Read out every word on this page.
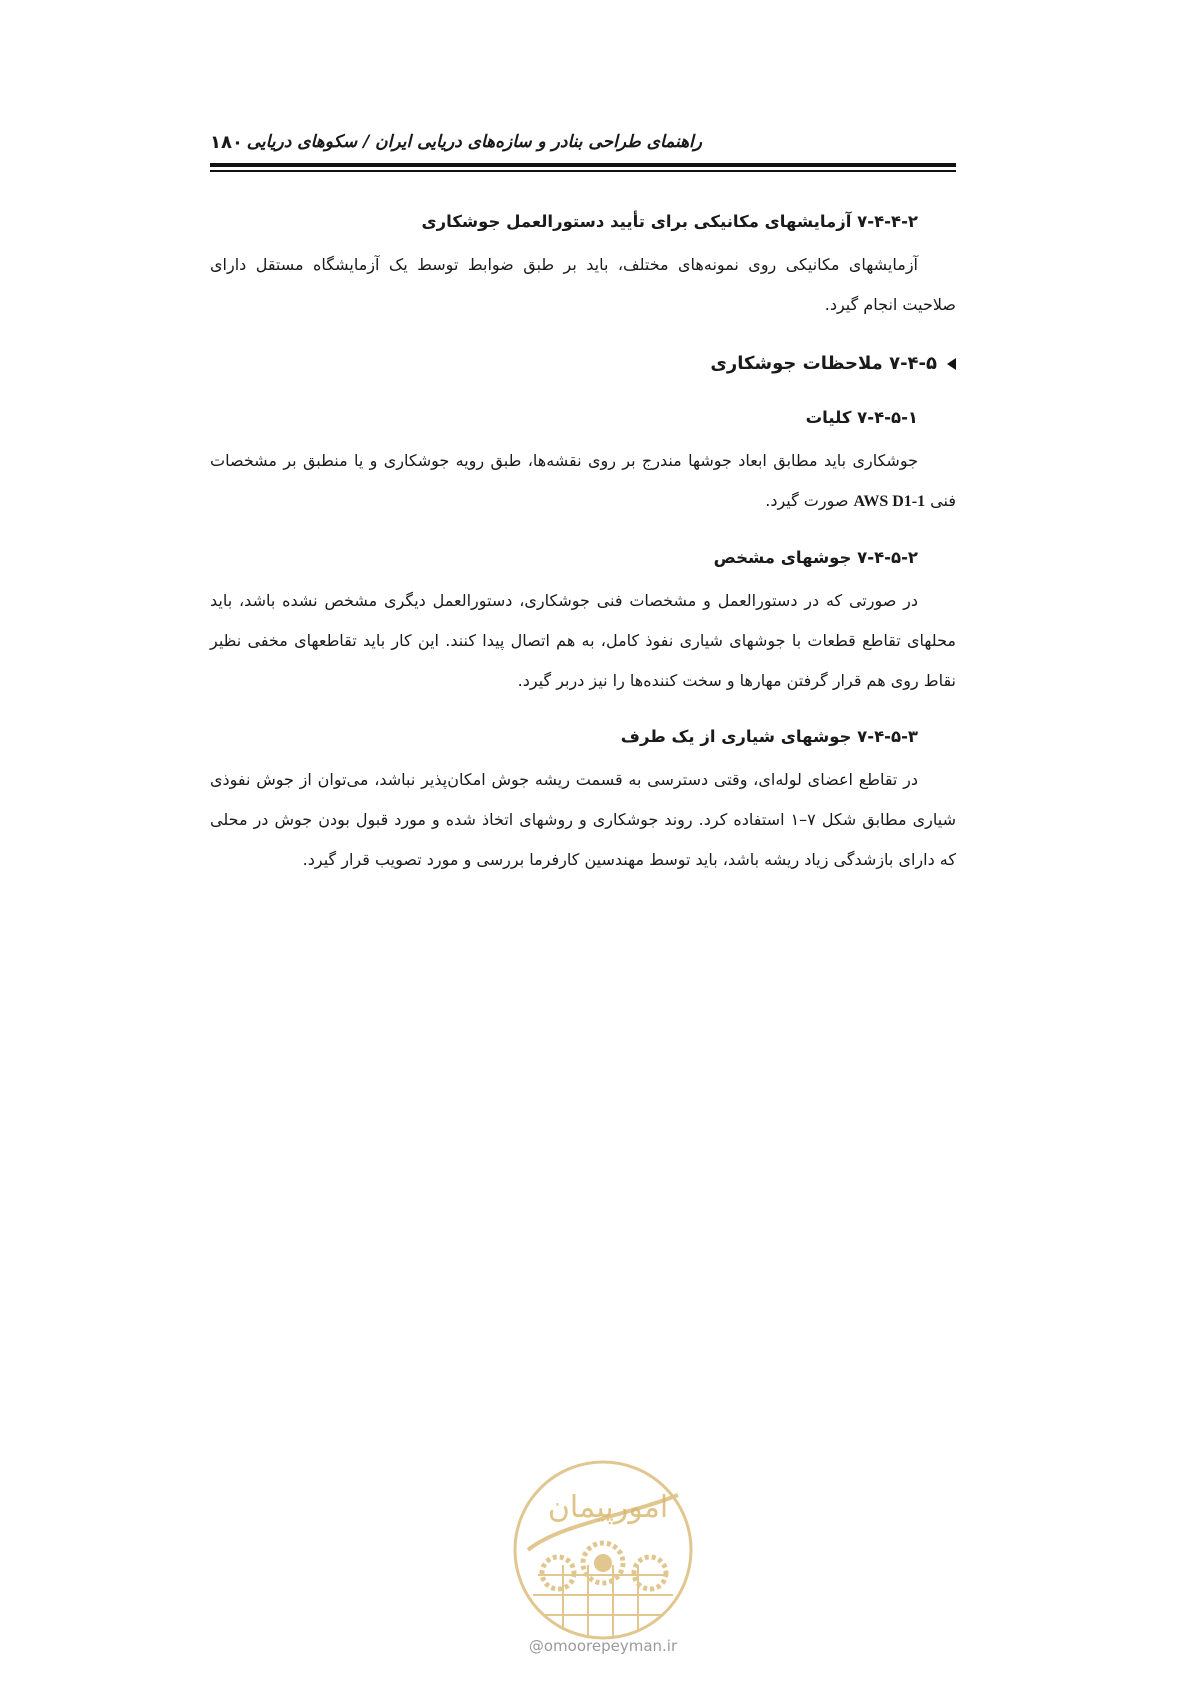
راهنمای طراحی بنادر و سازه‌های دریایی ایران / سکوهای دریایی
۱۸۰
۷-۴-۴-۲ آزمایشهای مکانیکی برای تأیید دستورالعمل جوشکاری

آزمایشهای مکانیکی روی نمونه‌های مختلف، باید بر طبق ضوابط توسط یک آزمایشگاه مستقل دارای صلاحیت انجام گیرد.

۷-۴-۵ ملاحظات جوشکاری
۷-۴-۵-۱ کلیات

جوشکاری باید مطابق ابعاد جوشها مندرج بر روی نقشه‌ها، طبق رویه جوشکاری و یا منطبق بر مشخصات فنی AWS D1-1 صورت گیرد.

۷-۴-۵-۲ جوشهای مشخص

در صورتی که در دستورالعمل و مشخصات فنی جوشکاری، دستورالعمل دیگری مشخص نشده باشد، باید محلهای تقاطع قطعات با جوشهای شیاری نفوذ کامل، به هم اتصال پیدا کنند. این کار باید تقاطعهای مخفی نظیر نقاط روی هم قرار گرفتن مهارها و سخت کننده‌ها را نیز دربر گیرد.

۷-۴-۵-۳ جوشهای شیاری از یک طرف

در تقاطع اعضای لوله‌ای، وقتی دسترسی به قسمت ریشه جوش امکان‌پذیر نباشد، می‌توان از جوش نفوذی شیاری مطابق شکل ۷–۱ استفاده کرد. روند جوشکاری و روشهای اتخاذ شده و مورد قبول بودن جوش در محلی که دارای بازشدگی زیاد ریشه باشد، باید توسط مهندسین کارفرما بررسی و مورد تصویب قرار گیرد.

امورپیمان
@omoorepeyman.ir
